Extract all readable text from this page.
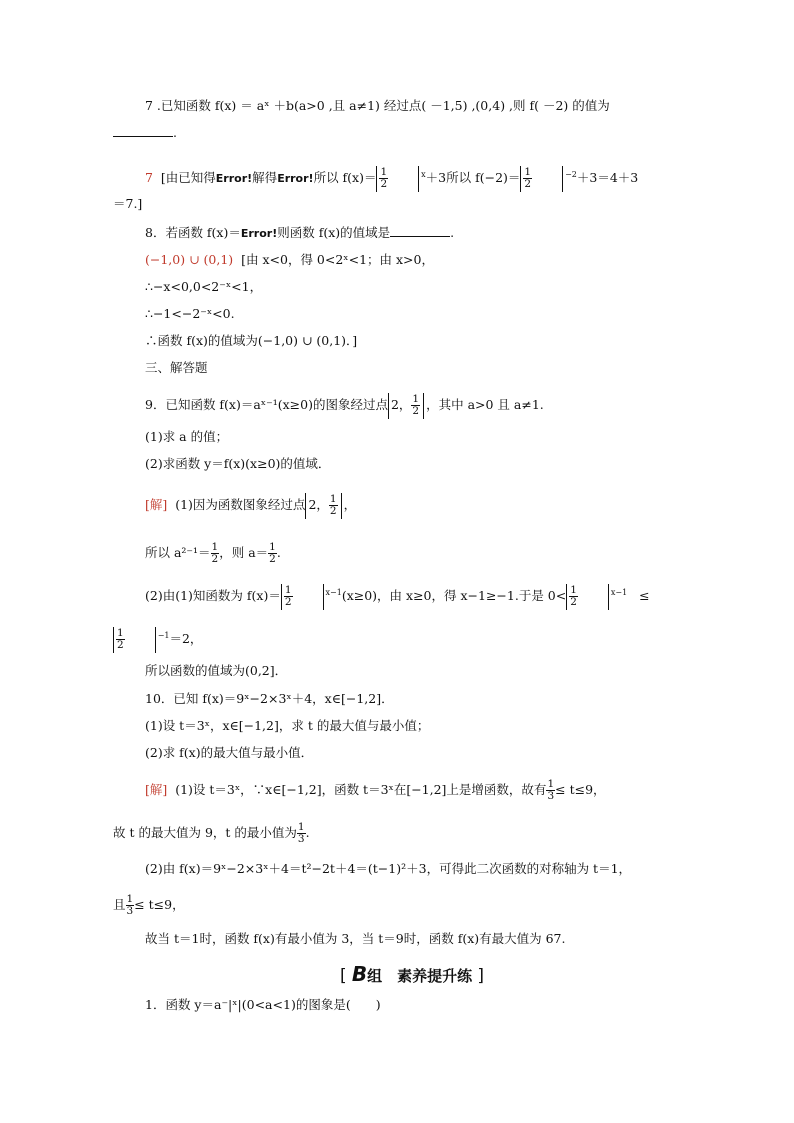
7 .已知函数 f(x) ＝ aˣ ＋b(a>0 ,且 a≠1) 经过点( －1,5) ,(0,4) ,则 f( －2) 的值为
.
7 [由已知得Error!解得Error!所以 $f(x)= \frac{1}{2}$	$^x$＋3所以 $f(-2)= \frac{1}{2}$	$^{-2}$＋3＝4＋3
＝7.]
8．若函数 f(x)＝Error!则函数 f(x)的值域是	.
(−1,0) ∪ (0,1) [由 x<0，得 0<2ˣ<1；由 x>0，
∴−x<0,0<2⁻ˣ<1，
∴−1<−2⁻ˣ<0.
∴函数 f(x)的值域为(−1,0) ∪ (0,1)．]
三、解答题
9．已知函数 f(x)＝aˣ⁻¹(x≥0)的图象经过点 2， $\frac{1}{2}$ ，其中 a>0 且 a≠1.
(1)求 a 的值；
(2)求函数 y＝f(x)(x≥0)的值域．
[解] (1)因为函数图象经过点 2， $\frac{1}{2}$ ，
所以 $a^{2-1}= \frac{1}{2}$ ，则 $a= \frac{1}{2}$ .
(2)由(1)知函数为 $f(x)= \frac{1}{2}$	$^{x-1}$(x≥0)，由 x≥0，得 x−1≥−1.于是 $0< \frac{1}{2}$	$^{x-1}$ ≤
$\frac{1}{2}$	$^{-1}$＝2，
所以函数的值域为(0,2]．
10．已知 f(x)＝9ˣ−2×3ˣ＋4，x∈[−1,2]．
(1)设 t＝3ˣ，x∈[−1,2]，求 t 的最大值与最小值；
(2)求 f(x)的最大值与最小值．
[解] (1)设 t＝3ˣ，∵x∈[−1,2]，函数 t＝3ˣ在[−1,2]上是增函数，故有 $\frac{1}{3} \le t\le 9$，
故 t 的最大值为 9，t 的最小值为 $\frac{1}{3}$ .
(2)由 f(x)＝9ˣ−2×3ˣ＋4＝t²−2t＋4＝(t−1)²＋3，可得此二次函数的对称轴为 t＝1，
且 $\frac{1}{3} \le t\le 9$，
故当 t＝1时，函数 f(x)有最小值为 3，当 t＝9时，函数 f(x)有最大值为 67.
[ B组　素养提升练 ]
1．函数 y＝a⁻|ˣ|(0<a<1)的图象是(　　)
